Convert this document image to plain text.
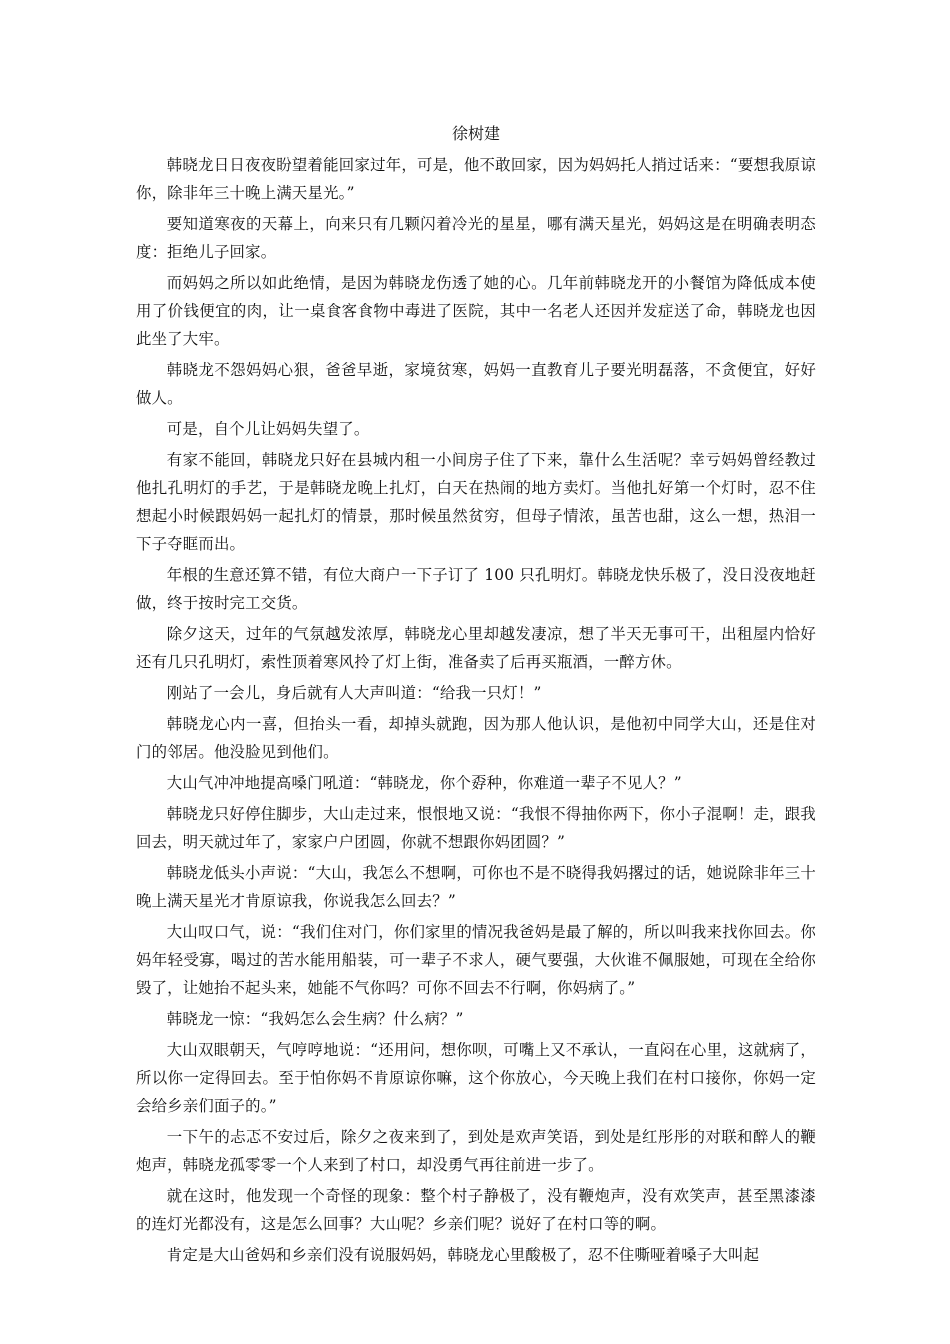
徐树建

韩晓龙日日夜夜盼望着能回家过年，可是，他不敢回家，因为妈妈托人捎过话来：“要想我原谅你，除非年三十晚上满天星光。”

要知道寒夜的天幕上，向来只有几颗闪着冷光的星星，哪有满天星光，妈妈这是在明确表明态度：拒绝儿子回家。

而妈妈之所以如此绝情，是因为韩晓龙伤透了她的心。几年前韩晓龙开的小餐馆为降低成本使用了价钱便宜的肉，让一桌食客食物中毒进了医院，其中一名老人还因并发症送了命，韩晓龙也因此坐了大牢。

韩晓龙不怨妈妈心狠，爸爸早逝，家境贫寒，妈妈一直教育儿子要光明磊落，不贪便宜，好好做人。

可是，自个儿让妈妈失望了。

有家不能回，韩晓龙只好在县城内租一小间房子住了下来，靠什么生活呢？幸亏妈妈曾经教过他扎孔明灯的手艺，于是韩晓龙晚上扎灯，白天在热闹的地方卖灯。当他扎好第一个灯时，忍不住想起小时候跟妈妈一起扎灯的情景，那时候虽然贫穷，但母子情浓，虽苦也甜，这么一想，热泪一下子夺眶而出。

年根的生意还算不错，有位大商户一下子订了 100 只孔明灯。韩晓龙快乐极了，没日没夜地赶做，终于按时完工交货。

除夕这天，过年的气氛越发浓厚，韩晓龙心里却越发凄凉，想了半天无事可干，出租屋内恰好还有几只孔明灯，索性顶着寒风拎了灯上街，准备卖了后再买瓶酒，一醉方休。

刚站了一会儿，身后就有人大声叫道：“给我一只灯！”

韩晓龙心内一喜，但抬头一看，却掉头就跑，因为那人他认识，是他初中同学大山，还是住对门的邻居。他没脸见到他们。

大山气冲冲地提高嗓门吼道：“韩晓龙，你个孬种，你难道一辈子不见人？”

韩晓龙只好停住脚步，大山走过来，恨恨地又说：“我恨不得抽你两下，你小子混啊！走，跟我回去，明天就过年了，家家户户团圆，你就不想跟你妈团圆？”

韩晓龙低头小声说：“大山，我怎么不想啊，可你也不是不晓得我妈撂过的话，她说除非年三十晚上满天星光才肯原谅我，你说我怎么回去？”

大山叹口气，说：“我们住对门，你们家里的情况我爸妈是最了解的，所以叫我来找你回去。你妈年轻受寡，喝过的苦水能用船装，可一辈子不求人，硬气要强，大伙谁不佩服她，可现在全给你毁了，让她抬不起头来，她能不气你吗？可你不回去不行啊，你妈病了。”

韩晓龙一惊：“我妈怎么会生病？什么病？”

大山双眼朝天，气哼哼地说：“还用问，想你呗，可嘴上又不承认，一直闷在心里，这就病了，所以你一定得回去。至于怕你妈不肯原谅你嘛，这个你放心，今天晚上我们在村口接你，你妈一定会给乡亲们面子的。”

一下午的忐忑不安过后，除夕之夜来到了，到处是欢声笑语，到处是红彤彤的对联和醉人的鞭炮声，韩晓龙孤零零一个人来到了村口，却没勇气再往前进一步了。

就在这时，他发现一个奇怪的现象：整个村子静极了，没有鞭炮声，没有欢笑声，甚至黑漆漆的连灯光都没有，这是怎么回事？大山呢？乡亲们呢？说好了在村口等的啊。

肯定是大山爸妈和乡亲们没有说服妈妈，韩晓龙心里酸极了，忍不住嘶哑着嗓子大叫起
